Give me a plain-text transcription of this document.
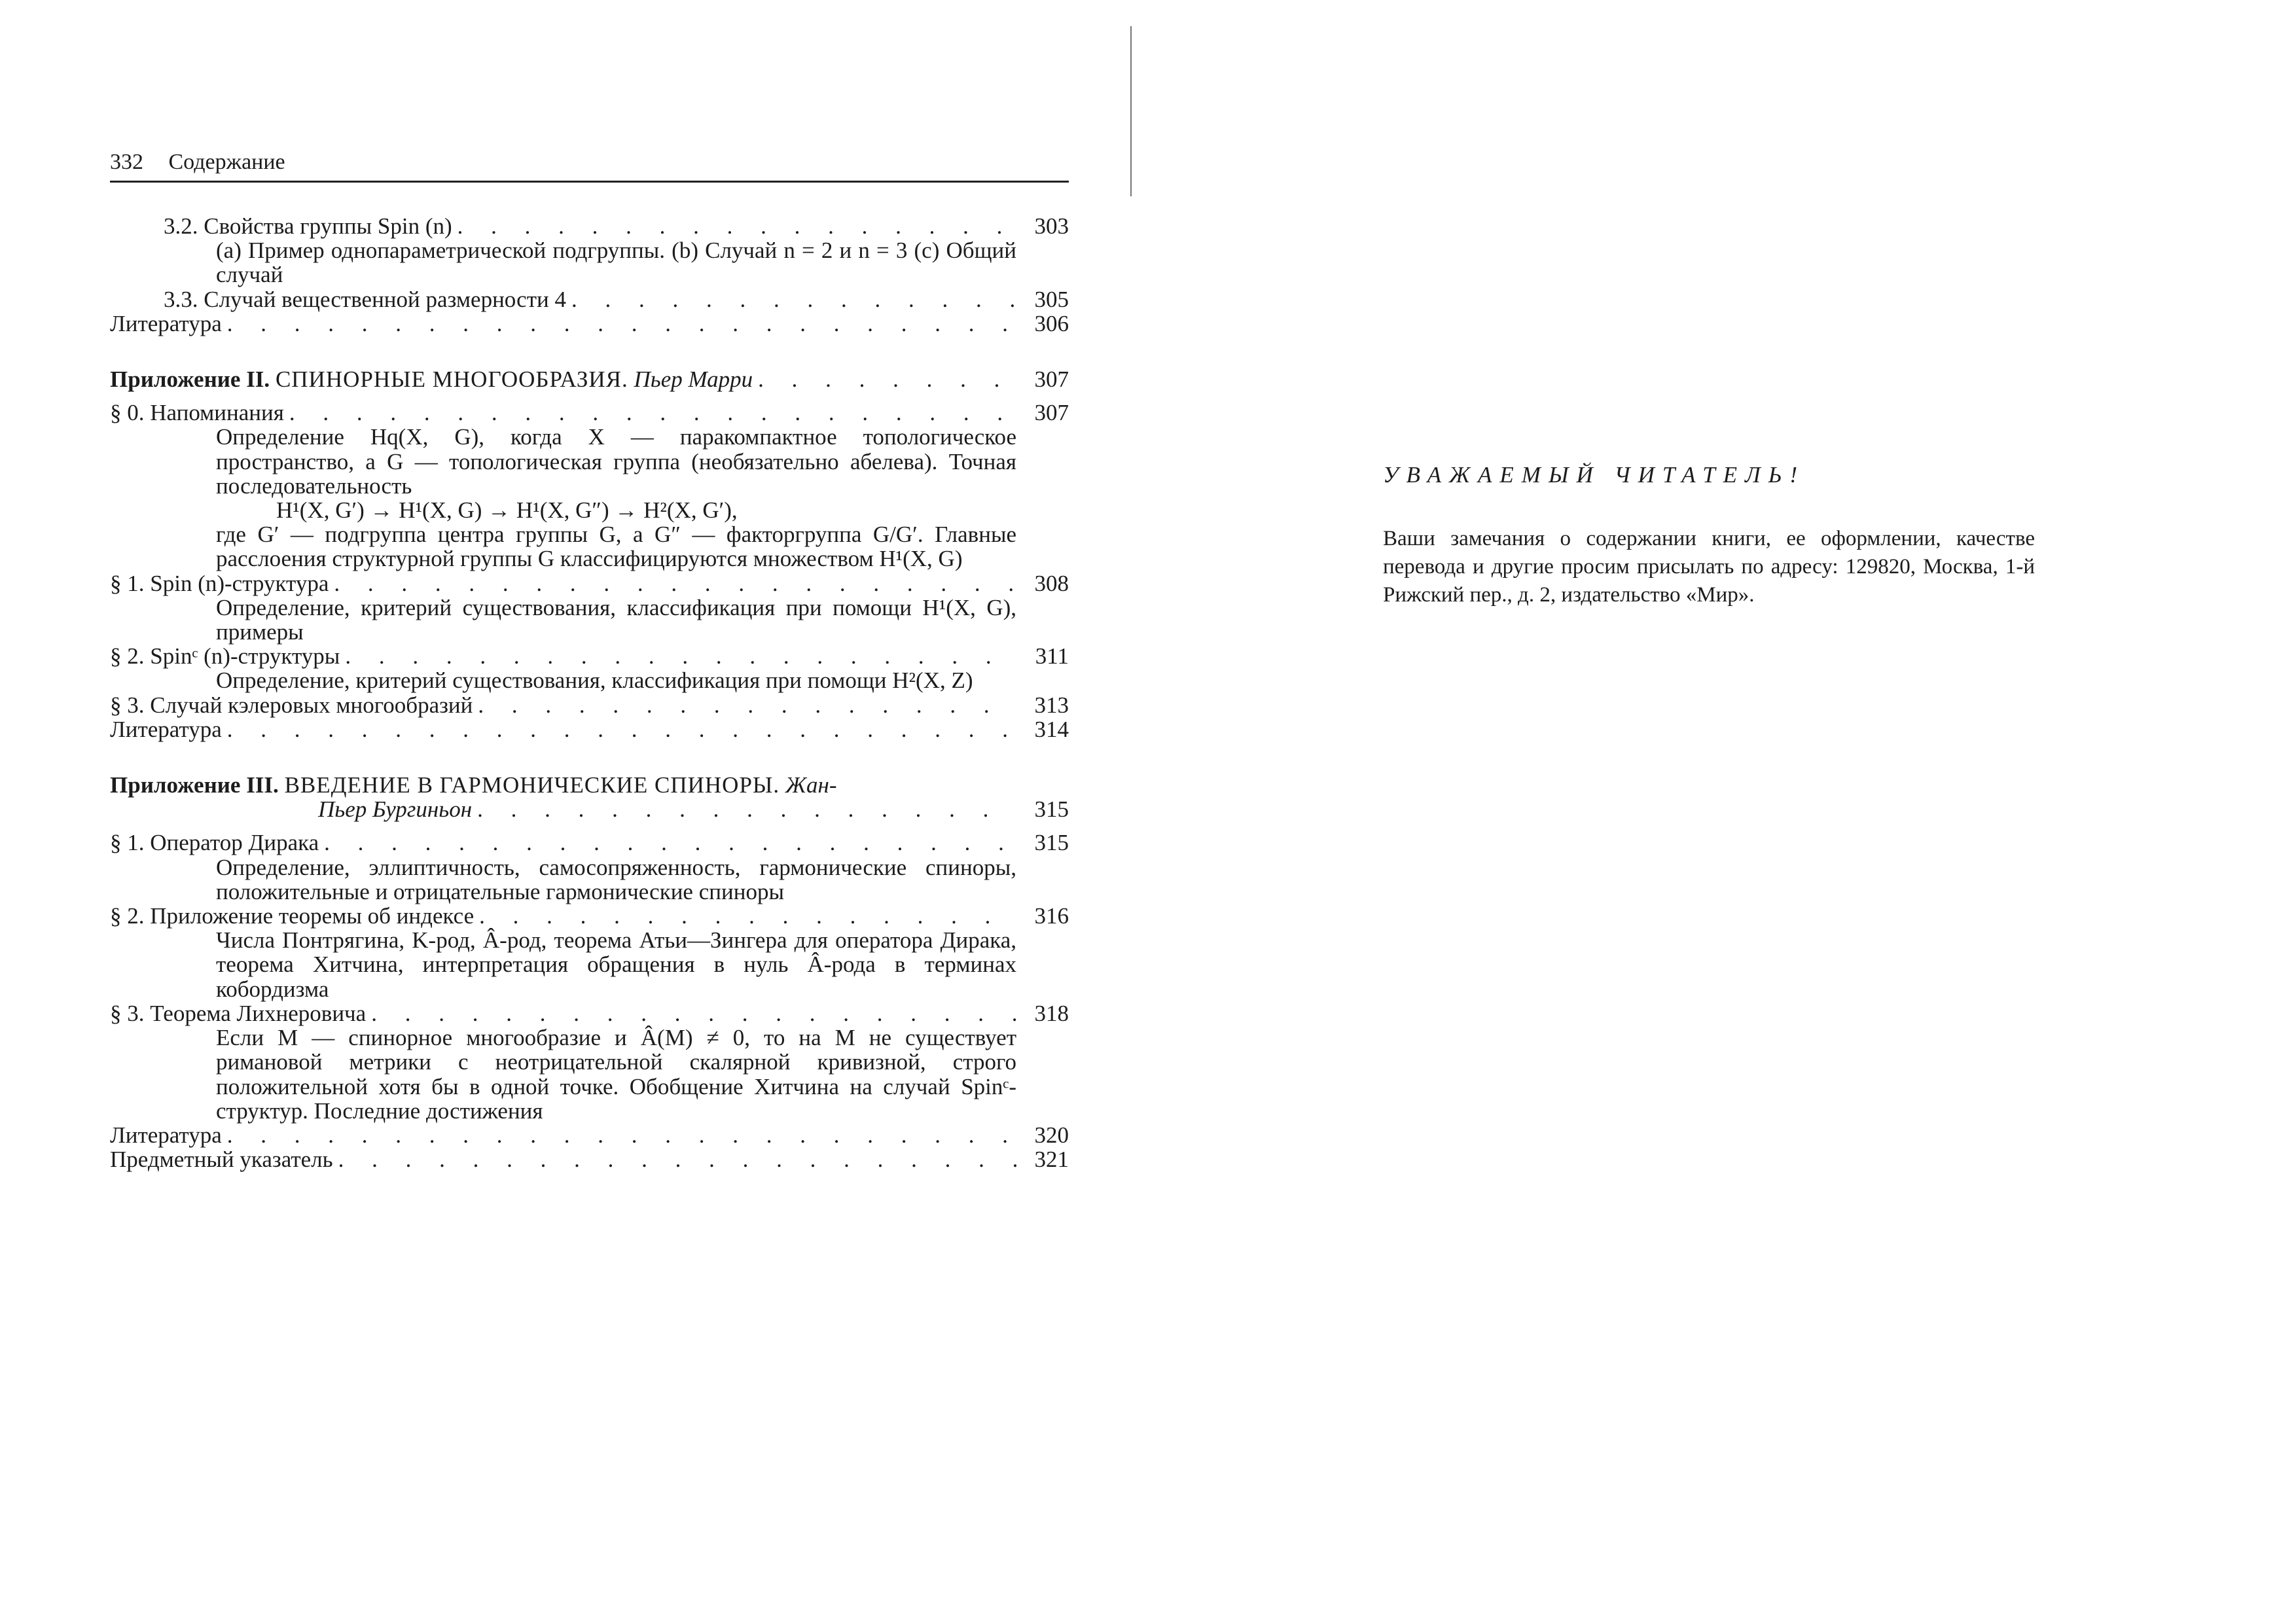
332 Содержание
3.2. Свойства группы Spin (n) . . .	303
(а) Пример однопараметрической подгруппы. (b) Случай n = 2 и n = 3 (с) Общий случай
3.3. Случай вещественной размерности 4 . . .	305
Литература . . .	306
Приложение II. СПИНОРНЫЕ МНОГООБРАЗИЯ. Пьер Марри . . .	307
§ 0. Напоминания . . .	307
Определение Hq(X, G), когда X — паракомпактное топологическое пространство, а G — топологическая группа (необязательно абелева). Точная последовательность
H¹(X, G′) → H¹(X, G) → H¹(X, G″) → H²(X, G′),
где G′ — подгруппа центра группы G, а G″ — факторгруппа G/G′. Главные расслоения структурной группы G классифицируются множеством H¹(X, G)
§ 1. Spin (n)-структура . . .	308
Определение, критерий существования, классификация при помощи H¹(X, G), примеры
§ 2. Spinᶜ (n)-структуры . . .	311
Определение, критерий существования, классификация при помощи H²(X, Z)
§ 3. Случай кэлеровых многообразий . . .	313
Литература . . .	314
Приложение III. ВВЕДЕНИЕ В ГАРМОНИЧЕСКИЕ СПИНОРЫ. Жан-
Пьер Бургиньон . . .	315
§ 1. Оператор Дирака . . .	315
Определение, эллиптичность, самосопряженность, гармонические спиноры, положительные и отрицательные гармонические спиноры
§ 2. Приложение теоремы об индексе . . .	316
Числа Понтрягина, K-род, Â-род, теорема Атьи—Зингера для оператора Дирака, теорема Хитчина, интерпретация обращения в нуль Â-рода в терминах кобордизма
§ 3. Теорема Лихнеровича . . .	318
Если M — спинорное многообразие и Â(M) ≠ 0, то на M не существует римановой метрики с неотрицательной скалярной кривизной, строго положительной хотя бы в одной точке. Обобщение Хитчина на случай Spinᶜ-структур. Последние достижения
Литература . . .	320
Предметный указатель . . .	321
УВАЖАЕМЫЙ ЧИТАТЕЛЬ!
Ваши замечания о содержании книги, ее оформлении, качестве перевода и другие просим присылать по адресу: 129820, Москва, 1-й Рижский пер., д. 2, издательство «Мир».
